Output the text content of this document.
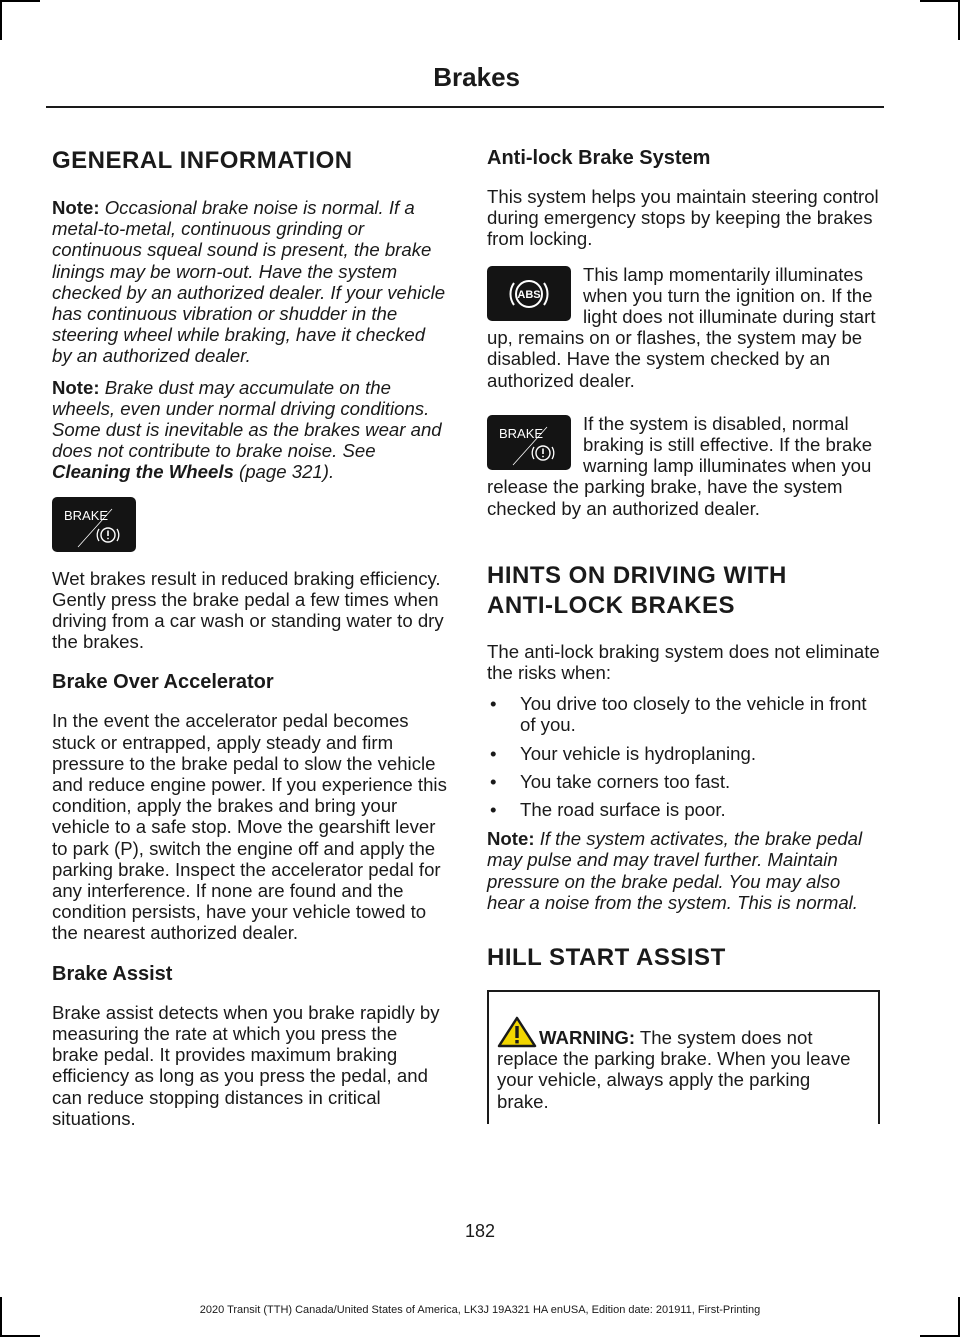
Brakes
GENERAL INFORMATION

Note: Occasional brake noise is normal. If a metal-to-metal, continuous grinding or continuous squeal sound is present, the brake linings may be worn-out. Have the system checked by an authorized dealer. If your vehicle has continuous vibration or shudder in the steering wheel while braking, have it checked by an authorized dealer.

Note: Brake dust may accumulate on the wheels, even under normal driving conditions. Some dust is inevitable as the brakes wear and does not contribute to brake noise. See Cleaning the Wheels (page 321).

BRAKE

Wet brakes result in reduced braking efficiency. Gently press the brake pedal a few times when driving from a car wash or standing water to dry the brakes.

Brake Over Accelerator

In the event the accelerator pedal becomes stuck or entrapped, apply steady and firm pressure to the brake pedal to slow the vehicle and reduce engine power. If you experience this condition, apply the brakes and bring your vehicle to a safe stop. Move the gearshift lever to park (P), switch the engine off and apply the parking brake. Inspect the accelerator pedal for any interference. If none are found and the condition persists, have your vehicle towed to the nearest authorized dealer.

Brake Assist

Brake assist detects when you brake rapidly by measuring the rate at which you press the brake pedal. It provides maximum braking efficiency as long as you press the pedal, and can reduce stopping distances in critical situations.

Anti-lock Brake System

This system helps you maintain steering control during emergency stops by keeping the brakes from locking.

ABS

This lamp momentarily illuminates when you turn the ignition on. If the light does not illuminate during start up, remains on or flashes, the system may be disabled. Have the system checked by an authorized dealer.

BRAKE	If the system is disabled, normal braking is still effective. If the brake warning lamp illuminates when you release the parking brake, have the system checked by an authorized dealer.

HINTS ON DRIVING WITH
ANTI-LOCK BRAKES

The anti-lock braking system does not eliminate the risks when:

• You drive too closely to the vehicle in front of you.
• Your vehicle is hydroplaning.
• You take corners too fast.
• The road surface is poor.

Note: If the system activates, the brake pedal may pulse and may travel further. Maintain pressure on the brake pedal. You may also hear a noise from the system. This is normal.

HILL START ASSIST

WARNING: The system does not replace the parking brake. When you leave your vehicle, always apply the parking brake.

182
2020 Transit (TTH) Canada/United States of America, LK3J 19A321 HA enUSA, Edition date: 201911, First-Printing
